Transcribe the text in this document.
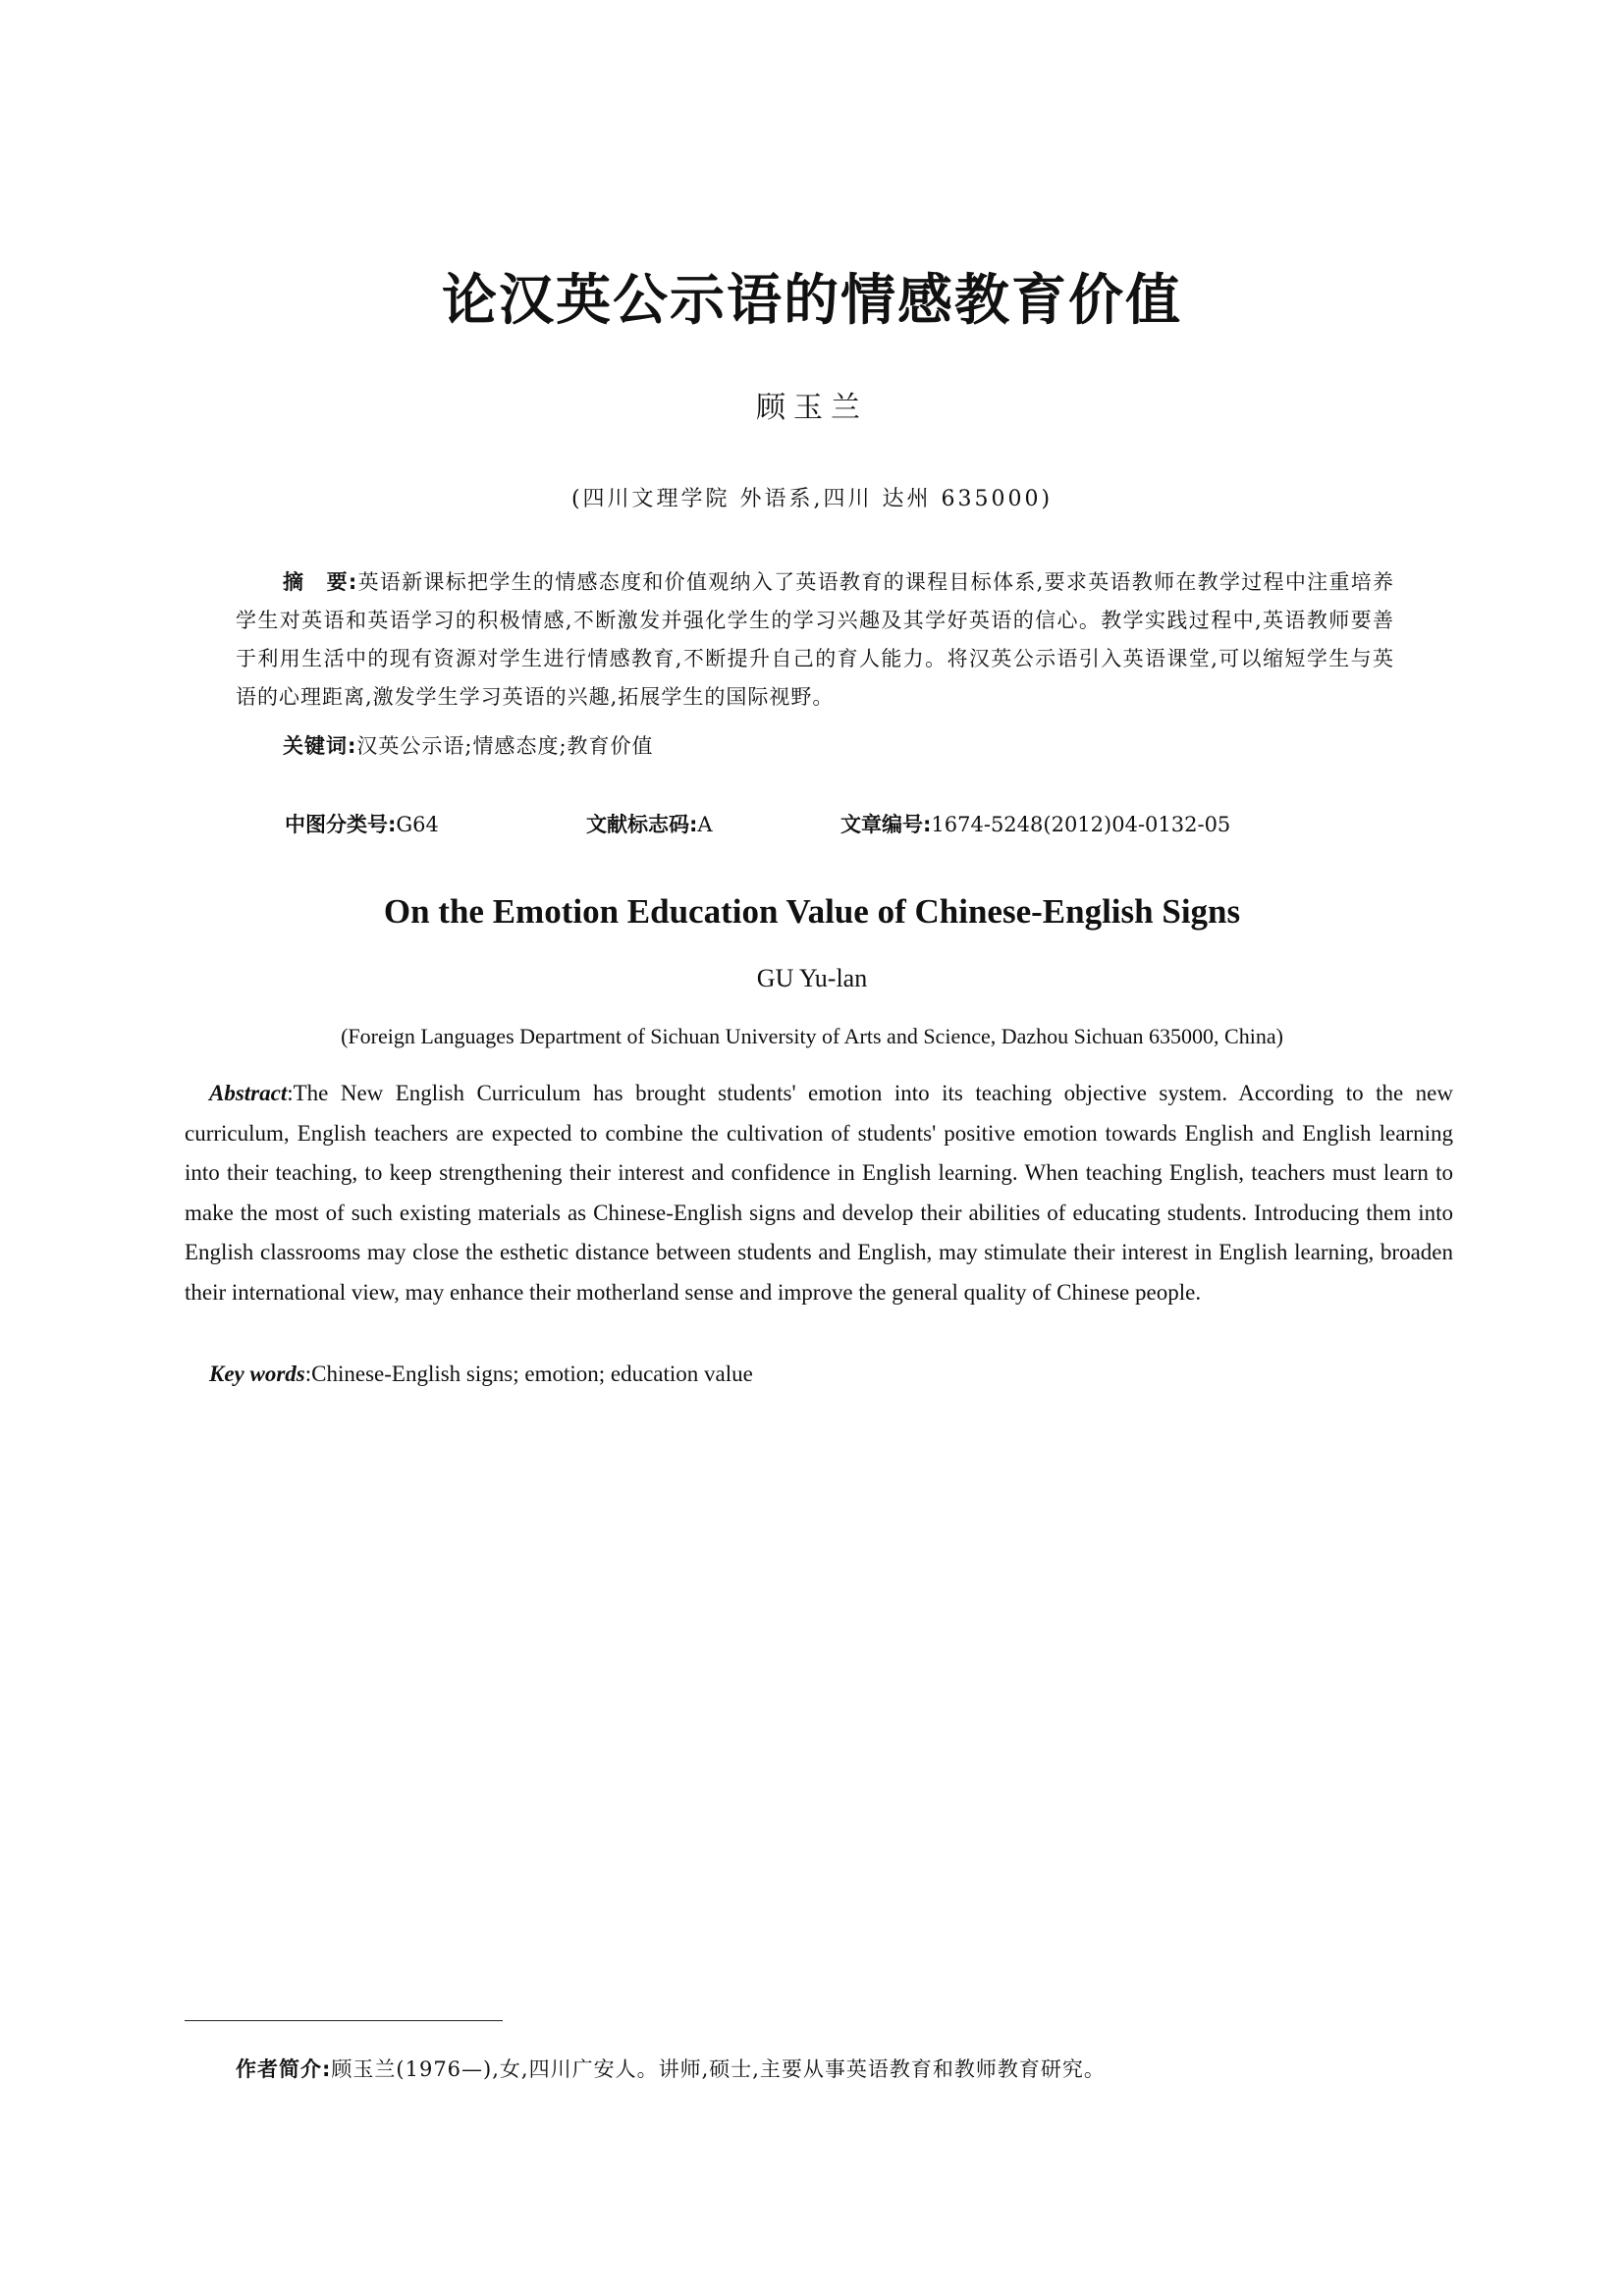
论汉英公示语的情感教育价值
顾玉兰
(四川文理学院 外语系,四川 达州 635000)
摘　要:英语新课标把学生的情感态度和价值观纳入了英语教育的课程目标体系,要求英语教师在教学过程中注重培养学生对英语和英语学习的积极情感,不断激发并强化学生的学习兴趣及其学好英语的信心。教学实践过程中,英语教师要善于利用生活中的现有资源对学生进行情感教育,不断提升自己的育人能力。将汉英公示语引入英语课堂,可以缩短学生与英语的心理距离,激发学生学习英语的兴趣,拓展学生的国际视野。
关键词:汉英公示语;情感态度;教育价值
中图分类号:G64	文献标志码:A	文章编号:1674-5248(2012)04-0132-05
On the Emotion Education Value of Chinese-English Signs
GU Yu-lan
(Foreign Languages Department of Sichuan University of Arts and Science, Dazhou Sichuan 635000, China)
Abstract:The New English Curriculum has brought students' emotion into its teaching objective system. According to the new curriculum, English teachers are expected to combine the cultivation of students' positive emotion towards English and English learning into their teaching, to keep strengthening their interest and confidence in English learning. When teaching English, teachers must learn to make the most of such existing materials as Chinese-English signs and develop their abilities of educating students. Introducing them into English classrooms may close the esthetic distance between students and English, may stimulate their interest in English learning, broaden their international view, may enhance their motherland sense and improve the general quality of Chinese people.
Key words:Chinese-English signs; emotion; education value
作者简介:顾玉兰(1976—),女,四川广安人。讲师,硕士,主要从事英语教育和教师教育研究。
